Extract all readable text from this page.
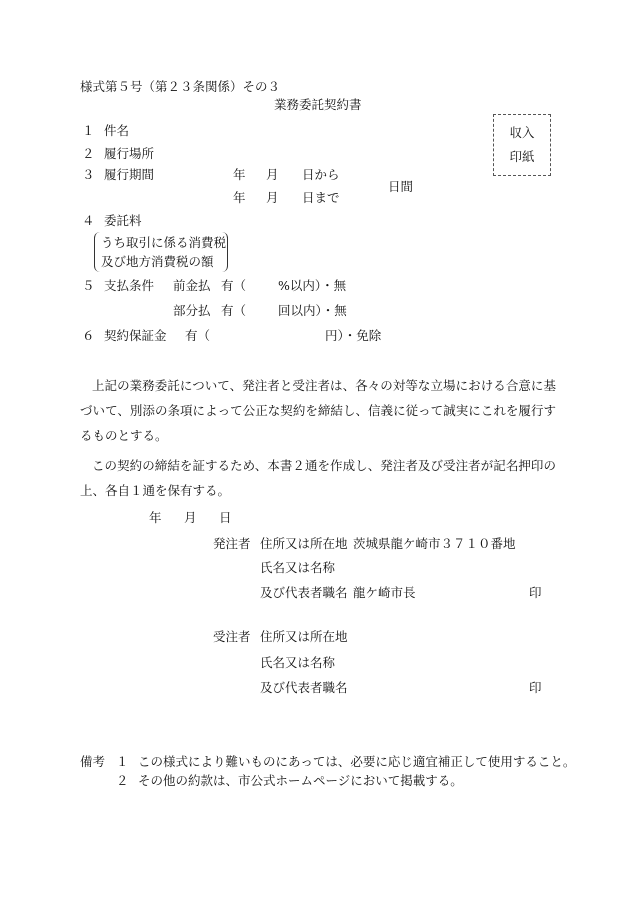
様式第５号（第２３条関係）その３
業務委託契約書
収入
印紙
１ 件名
２ 履行場所
３ 履行期間	年 月 日から
年 月 日まで
日間
４ 委託料
うち取引に係る消費税
及び地方消費税の額
５ 支払条件 前金払 有（	%以内）・無
部分払 有（	回以内）・無
６ 契約保証金 有（	円）・免除
上記の業務委託について、発注者と受注者は、各々の対等な立場における合意に基づいて、別添の条項によって公正な契約を締結し、信義に従って誠実にこれを履行するものとする。
この契約の締結を証するため、本書２通を作成し、発注者及び受注者が記名押印の上、各自１通を保有する。
年 月 日
発注者 住所又は所在地 茨城県龍ケ崎市３７１０番地
氏名又は名称
及び代表者職名 龍ケ崎市長	印
受注者 住所又は所在地
氏名又は名称
及び代表者職名	印
備考 １ この様式により難いものにあっては、必要に応じ適宜補正して使用すること。
２ その他の約款は、市公式ホームページにおいて掲載する。
